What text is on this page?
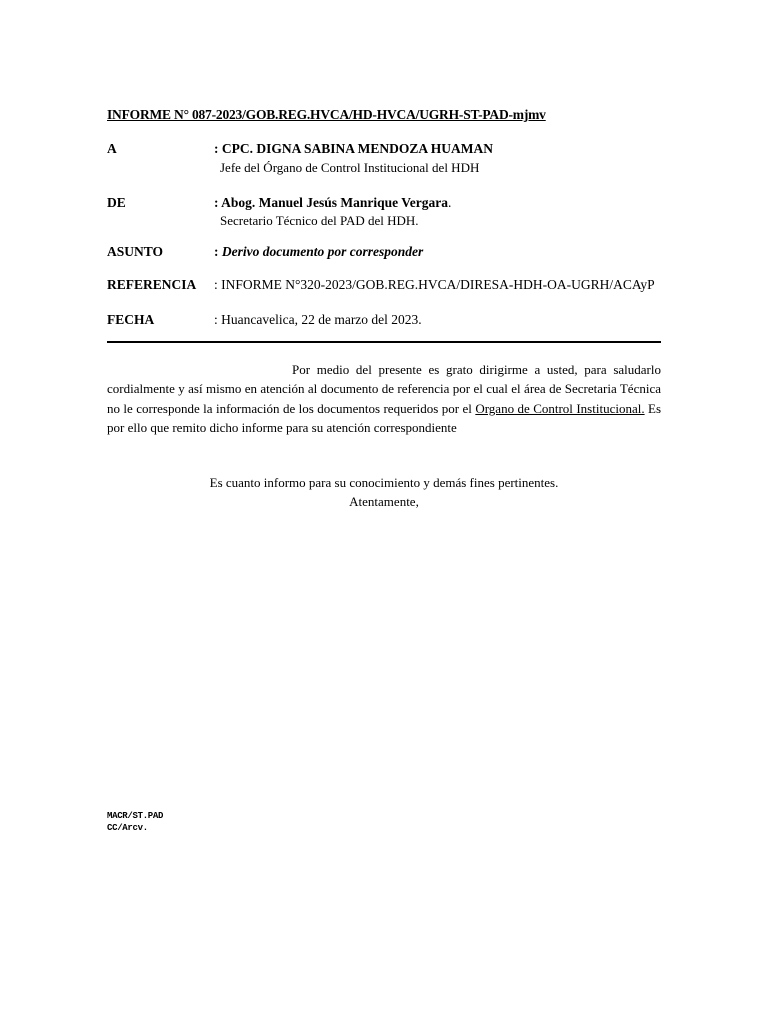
INFORME N° 087-2023/GOB.REG.HVCA/HD-HVCA/UGRH-ST-PAD-mjmv
A	: CPC. DIGNA SABINA MENDOZA HUAMAN
Jefe del Órgano de Control Institucional del HDH
DE	: Abog. Manuel Jesús Manrique Vergara.
Secretario Técnico del PAD del HDH.
ASUNTO	: Derivo documento por corresponder
REFERENCIA : INFORME N°320-2023/GOB.REG.HVCA/DIRESA-HDH-OA-UGRH/ACAyP
FECHA	: Huancavelica, 22 de marzo del 2023.
Por medio del presente es grato dirigirme a usted, para saludarlo cordialmente y así mismo en atención al documento de referencia por el cual el área de Secretaria Técnica no le corresponde la información de los documentos requeridos por el Organo de Control Institucional. Es por ello que remito dicho informe para su atención correspondiente
Es cuanto informo para su conocimiento y demás fines pertinentes.
Atentamente,
MACR/ST.PAD
CC/Arcv.
